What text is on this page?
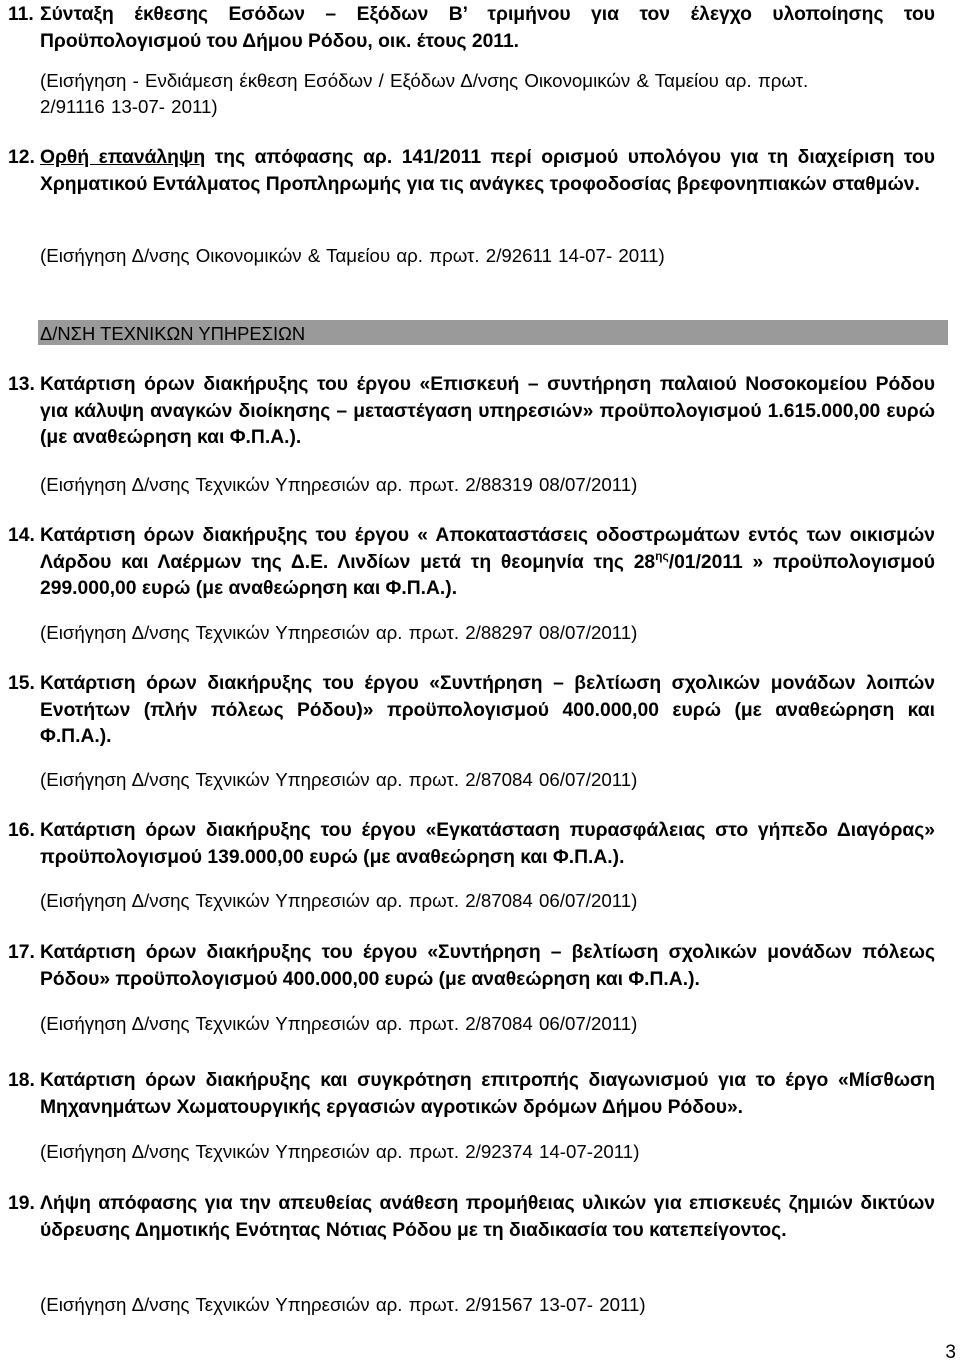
11. Σύνταξη έκθεσης Εσόδων – Εξόδων Β’ τριμήνου για τον έλεγχο υλοποίησης του Προϋπολογισμού του Δήμου Ρόδου, οικ. έτους 2011.
(Εισήγηση - Ενδιάμεση έκθεση Εσόδων / Εξόδων Δ/νσης Οικονομικών & Ταμείου αρ. πρωτ.
2/91116 13-07- 2011)
12. Ορθή επανάληψη της απόφασης αρ. 141/2011 περί ορισμού υπολόγου για τη διαχείριση του Χρηματικού Εντάλματος Προπληρωμής για τις ανάγκες τροφοδοσίας βρεφονηπιακών σταθμών.
(Εισήγηση Δ/νσης Οικονομικών & Ταμείου αρ. πρωτ. 2/92611 14-07- 2011)
Δ/ΝΣΗ ΤΕΧΝΙΚΩΝ ΥΠΗΡΕΣΙΩΝ
13. Κατάρτιση όρων διακήρυξης του έργου «Επισκευή – συντήρηση παλαιού Νοσοκομείου Ρόδου για κάλυψη αναγκών διοίκησης – μεταστέγαση υπηρεσιών» προϋπολογισμού 1.615.000,00 ευρώ (με αναθεώρηση και Φ.Π.Α.).
(Εισήγηση Δ/νσης Τεχνικών Υπηρεσιών αρ. πρωτ. 2/88319 08/07/2011)
14. Κατάρτιση όρων διακήρυξης του έργου « Αποκαταστάσεις οδοστρωμάτων εντός των οικισμών Λάρδου και Λαέρμων της Δ.Ε. Λινδίων μετά τη θεομηνία της $28^{\eta\varsigma}/01/2011$ » προϋπολογισμού 299.000,00 ευρώ (με αναθεώρηση και Φ.Π.Α.).
(Εισήγηση Δ/νσης Τεχνικών Υπηρεσιών αρ. πρωτ. 2/88297 08/07/2011)
15. Κατάρτιση όρων διακήρυξης του έργου «Συντήρηση – βελτίωση σχολικών μονάδων λοιπών Ενοτήτων (πλήν πόλεως Ρόδου)» προϋπολογισμού 400.000,00 ευρώ (με αναθεώρηση και Φ.Π.Α.).
(Εισήγηση Δ/νσης Τεχνικών Υπηρεσιών αρ. πρωτ. 2/87084 06/07/2011)
16. Κατάρτιση όρων διακήρυξης του έργου «Εγκατάσταση πυρασφάλειας στο γήπεδο Διαγόρας» προϋπολογισμού 139.000,00 ευρώ (με αναθεώρηση και Φ.Π.Α.).
(Εισήγηση Δ/νσης Τεχνικών Υπηρεσιών αρ. πρωτ. 2/87084 06/07/2011)
17. Κατάρτιση όρων διακήρυξης του έργου «Συντήρηση – βελτίωση σχολικών μονάδων πόλεως Ρόδου» προϋπολογισμού 400.000,00 ευρώ (με αναθεώρηση και Φ.Π.Α.).
(Εισήγηση Δ/νσης Τεχνικών Υπηρεσιών αρ. πρωτ. 2/87084 06/07/2011)
18. Κατάρτιση όρων διακήρυξης και συγκρότηση επιτροπής διαγωνισμού για το έργο «Μίσθωση Μηχανημάτων Χωματουργικής εργασιών αγροτικών δρόμων Δήμου Ρόδου».
(Εισήγηση Δ/νσης Τεχνικών Υπηρεσιών αρ. πρωτ. 2/92374 14-07-2011)
19. Λήψη απόφασης για την απευθείας ανάθεση προμήθειας υλικών για επισκευές ζημιών δικτύων ύδρευσης Δημοτικής Ενότητας Νότιας Ρόδου με τη διαδικασία του κατεπείγοντος.
(Εισήγηση Δ/νσης Τεχνικών Υπηρεσιών αρ. πρωτ. 2/91567 13-07- 2011)
3
